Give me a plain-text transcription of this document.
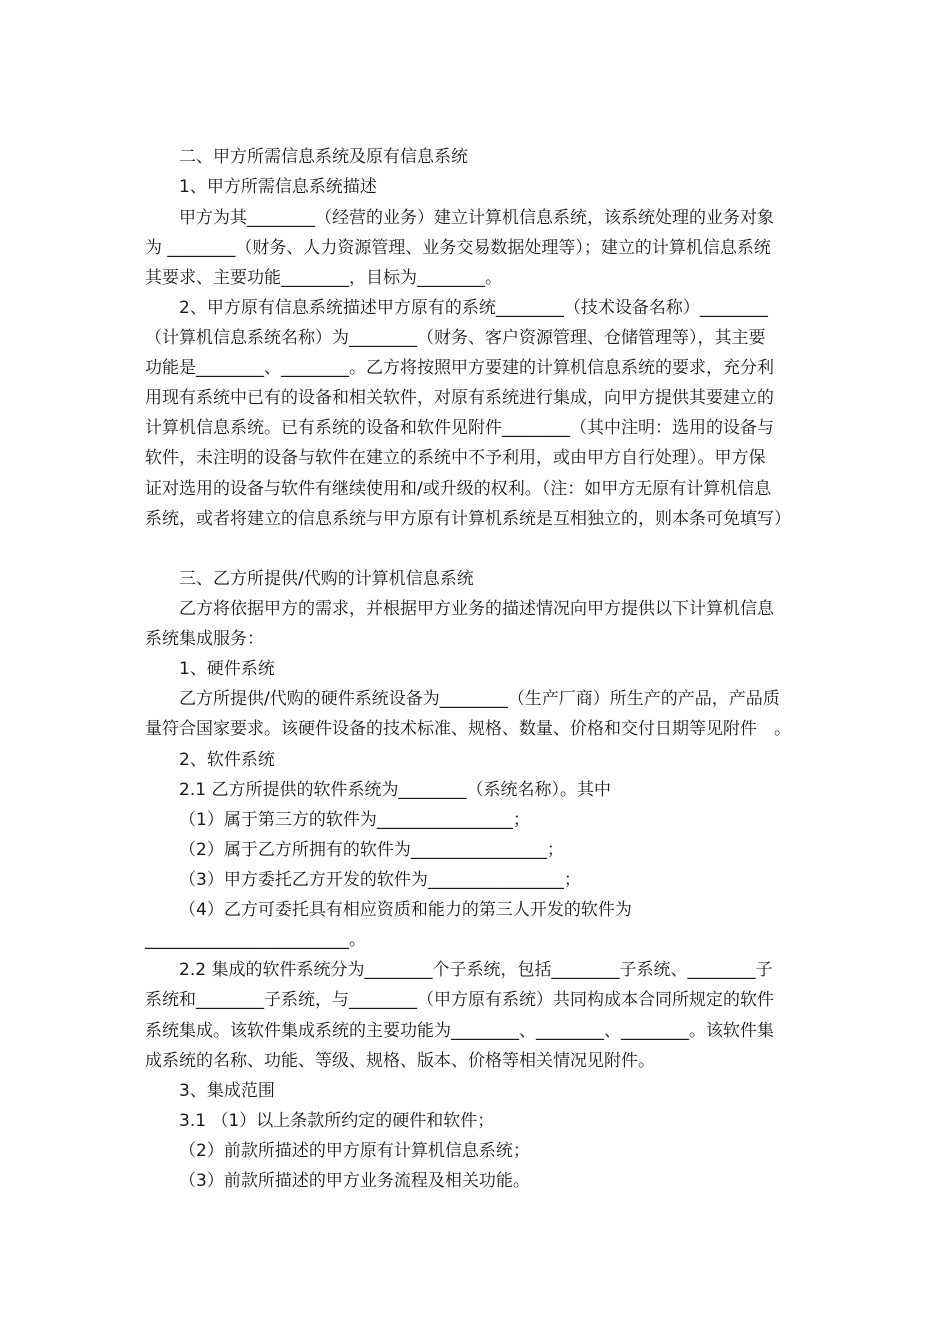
二、甲方所需信息系统及原有信息系统
1、甲方所需信息系统描述
甲方为其________（经营的业务）建立计算机信息系统，该系统处理的业务对象
为 ________（财务、人力资源管理、业务交易数据处理等）；建立的计算机信息系统
其要求、主要功能________，目标为________。
2、甲方原有信息系统描述甲方原有的系统________（技术设备名称）________
（计算机信息系统名称）为________（财务、客户资源管理、仓储管理等），其主要
功能是________、________。乙方将按照甲方要建的计算机信息系统的要求，充分利
用现有系统中已有的设备和相关软件，对原有系统进行集成，向甲方提供其要建立的
计算机信息系统。已有系统的设备和软件见附件________（其中注明：选用的设备与
软件，未注明的设备与软件在建立的系统中不予利用，或由甲方自行处理）。甲方保
证对选用的设备与软件有继续使用和/或升级的权利。（注：如甲方无原有计算机信息
系统，或者将建立的信息系统与甲方原有计算机系统是互相独立的，则本条可免填写）
三、乙方所提供/代购的计算机信息系统
乙方将依据甲方的需求，并根据甲方业务的描述情况向甲方提供以下计算机信息
系统集成服务：
1、硬件系统
乙方所提供/代购的硬件系统设备为________（生产厂商）所生产的产品，产品质
量符合国家要求。该硬件设备的技术标准、规格、数量、价格和交付日期等见附件　。
2、软件系统
2.1 乙方所提供的软件系统为________（系统名称）。其中
（1）属于第三方的软件为________________；
（2）属于乙方所拥有的软件为________________；
（3）甲方委托乙方开发的软件为________________；
（4）乙方可委托具有相应资质和能力的第三人开发的软件为
________________________。
2.2 集成的软件系统分为________个子系统，包括________子系统、________子
系统和________子系统，与________（甲方原有系统）共同构成本合同所规定的软件
系统集成。该软件集成系统的主要功能为________、________、________。该软件集
成系统的名称、功能、等级、规格、版本、价格等相关情况见附件。
3、集成范围
3.1 （1）以上条款所约定的硬件和软件；
（2）前款所描述的甲方原有计算机信息系统；
（3）前款所描述的甲方业务流程及相关功能。
